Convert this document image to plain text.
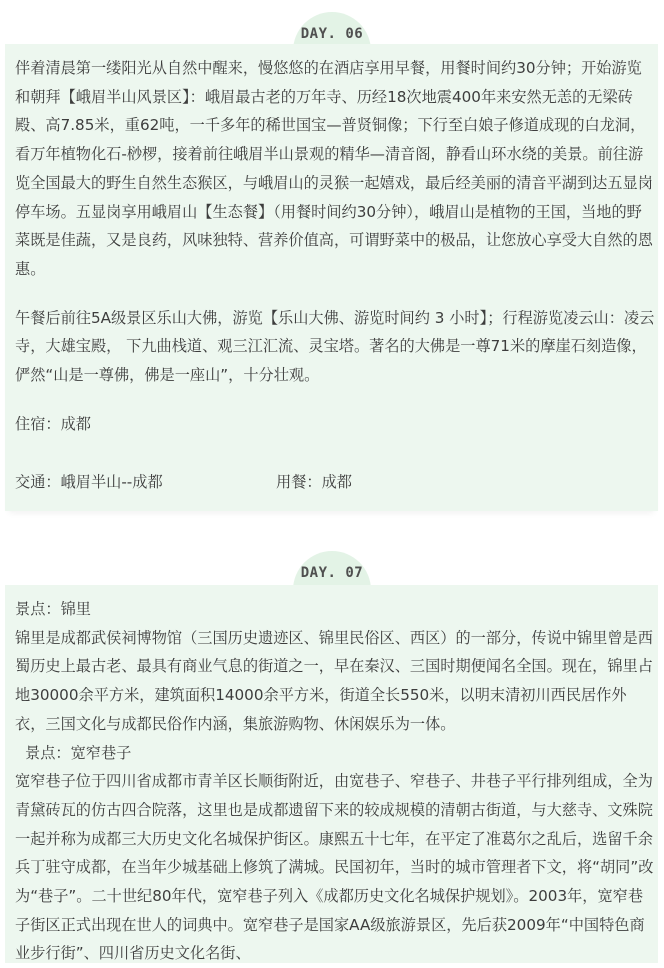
DAY. 06

伴着清晨第一缕阳光从自然中醒来，慢悠悠的在酒店享用早餐，用餐时间约30分钟；开始游览和朝拜【峨眉半山风景区】：峨眉最古老的万年寺、历经18次地震400年来安然无恙的无梁砖殿、高7.85米，重62吨，一千多年的稀世国宝—普贤铜像；下行至白娘子修道成现的白龙洞，看万年植物化石-桫椤，接着前往峨眉半山景观的精华—清音阁，静看山环水绕的美景。前往游览全国最大的野生自然生态猴区，与峨眉山的灵猴一起嬉戏，最后经美丽的清音平湖到达五显岗停车场。五显岗享用峨眉山【生态餐】（用餐时间约30分钟），峨眉山是植物的王国，当地的野菜既是佳蔬，又是良药，风味独特、营养价值高，可谓野菜中的极品，让您放心享受大自然的恩惠。

午餐后前往5A级景区乐山大佛，游览【乐山大佛、游览时间约 3 小时】；行程游览凌云山：凌云寺，大雄宝殿， 下九曲栈道、观三江汇流、灵宝塔。著名的大佛是一尊71米的摩崖石刻造像，俨然“山是一尊佛，佛是一座山”，十分壮观。

住宿：成都

交通：峨眉半山--成都	用餐：成都
DAY. 07

景点：锦里

锦里是成都武侯祠博物馆（三国历史遗迹区、锦里民俗区、西区）的一部分，传说中锦里曾是西蜀历史上最古老、最具有商业气息的街道之一，早在秦汉、三国时期便闻名全国。现在，锦里占地30000余平方米，建筑面积14000余平方米，街道全长550米，以明末清初川西民居作外衣，三国文化与成都民俗作内涵，集旅游购物、休闲娱乐为一体。

景点：宽窄巷子

宽窄巷子位于四川省成都市青羊区长顺街附近，由宽巷子、窄巷子、井巷子平行排列组成，全为青黛砖瓦的仿古四合院落，这里也是成都遗留下来的较成规模的清朝古街道，与大慈寺、文殊院一起并称为成都三大历史文化名城保护街区。康熙五十七年，在平定了准葛尔之乱后，选留千余兵丁驻守成都，在当年少城基础上修筑了满城。民国初年，当时的城市管理者下文，将“胡同”改为“巷子”。二十世纪80年代，宽窄巷子列入《成都历史文化名城保护规划》。2003年，宽窄巷子街区正式出现在世人的词典中。宽窄巷子是国家AA级旅游景区，先后获2009年“中国特色商业步行街”、四川省历史文化名街、
